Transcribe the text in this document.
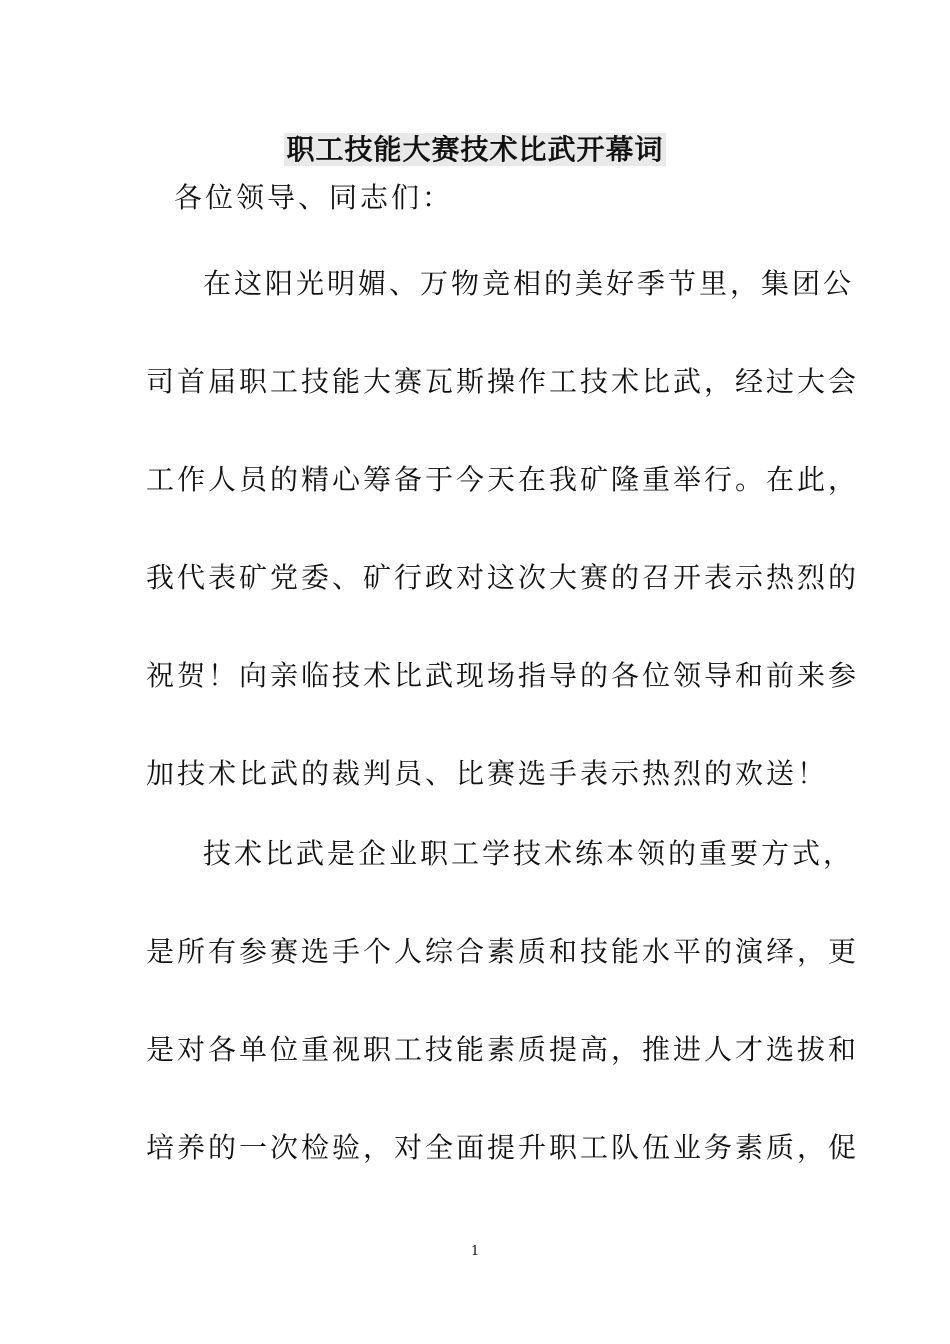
职工技能大赛技术比武开幕词
各位领导、同志们：
在这阳光明媚、万物竞相的美好季节里，集团公
司首届职工技能大赛瓦斯操作工技术比武，经过大会
工作人员的精心筹备于今天在我矿隆重举行。在此，
我代表矿党委、矿行政对这次大赛的召开表示热烈的
祝贺！向亲临技术比武现场指导的各位领导和前来参
加技术比武的裁判员、比赛选手表示热烈的欢送！
技术比武是企业职工学技术练本领的重要方式，
是所有参赛选手个人综合素质和技能水平的演绎，更
是对各单位重视职工技能素质提高，推进人才选拔和
培养的一次检验，对全面提升职工队伍业务素质，促
1
